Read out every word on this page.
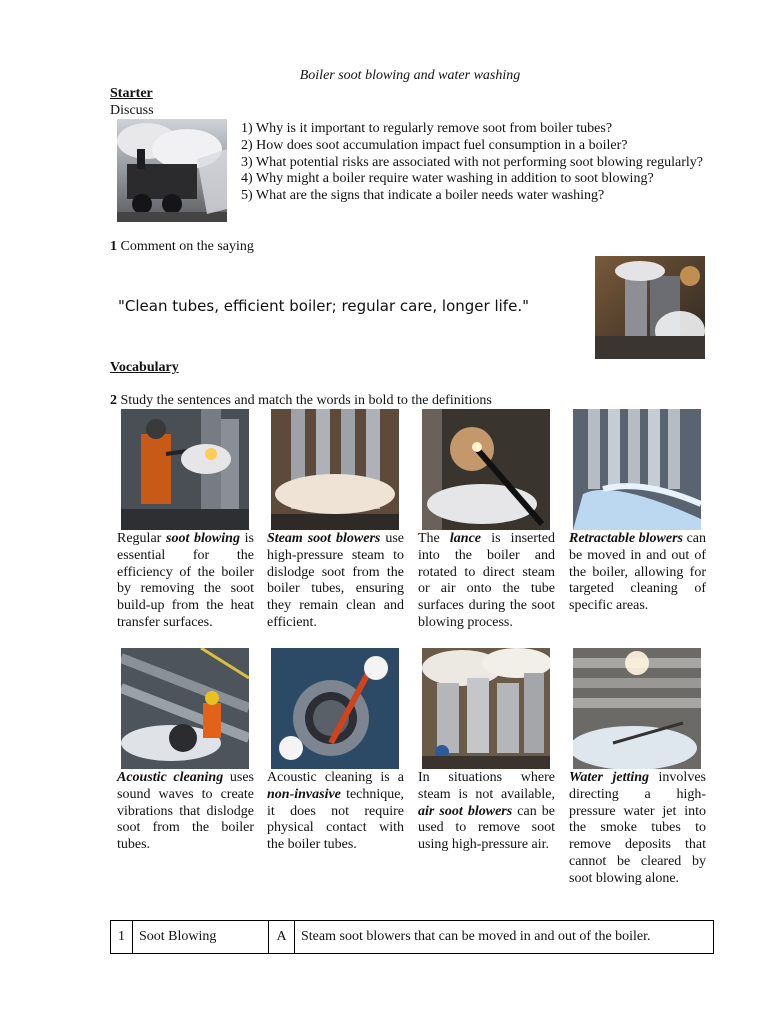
Boiler soot blowing and water washing
Starter
Discuss
1) Why is it important to regularly remove soot from boiler tubes?
2) How does soot accumulation impact fuel consumption in a boiler?
3) What potential risks are associated with not performing soot blowing regularly?
4) Why might a boiler require water washing in addition to soot blowing?
5) What are the signs that indicate a boiler needs water washing?
1 Comment on the saying
"Clean tubes, efficient boiler; regular care, longer life."
Vocabulary
2 Study the sentences and match the words in bold to the definitions
Regular soot blowing is essential for the efficiency of the boiler by removing the soot build-up from the heat transfer surfaces.
Steam soot blowers use high-pressure steam to dislodge soot from the boiler tubes, ensuring they remain clean and efficient.
The lance is inserted into the boiler and rotated to direct steam or air onto the tube surfaces during the soot blowing process.
Retractable blowers can be moved in and out of the boiler, allowing for targeted cleaning of specific areas.
Acoustic cleaning uses sound waves to create vibrations that dislodge soot from the boiler tubes.
Acoustic cleaning is a non-invasive technique, it does not require physical contact with the boiler tubes.
In situations where steam is not available, air soot blowers can be used to remove soot using high-pressure air.
Water jetting involves directing a high-pressure water jet into the smoke tubes to remove deposits that cannot be cleared by soot blowing alone.
1	Soot Blowing	A	Steam soot blowers that can be moved in and out of the boiler.
